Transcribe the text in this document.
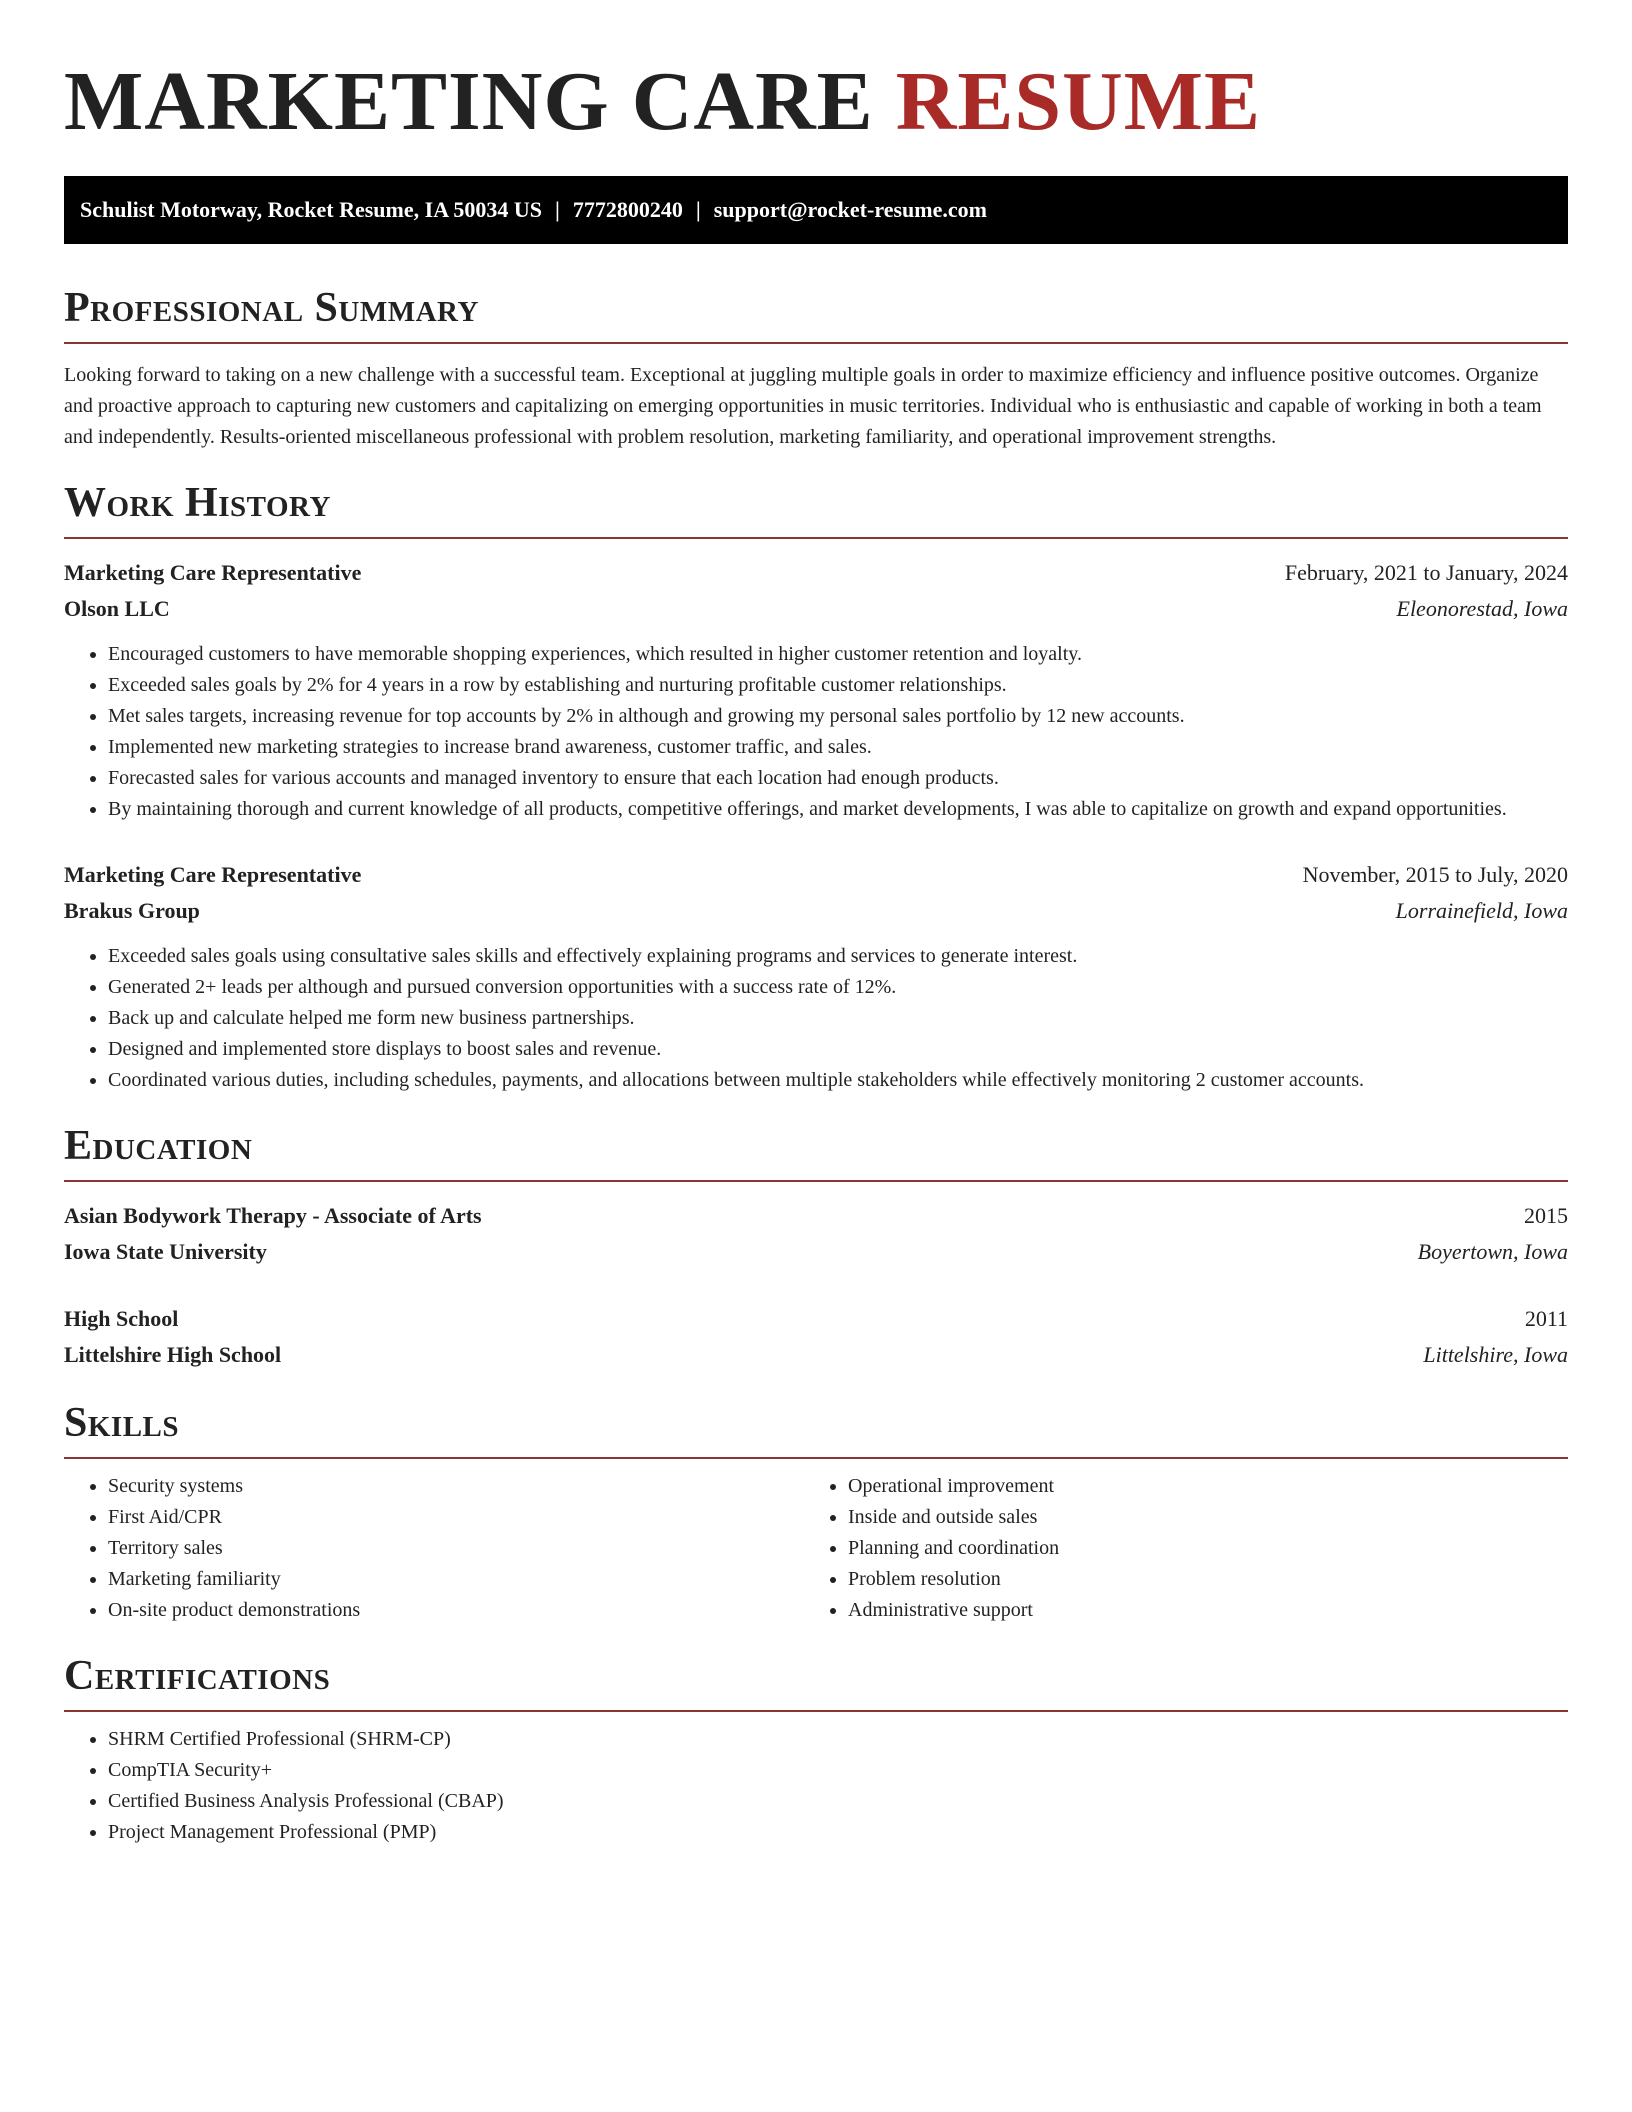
MARKETING CARE RESUME
Schulist Motorway, Rocket Resume, IA 50034 US | 7772800240 | support@rocket-resume.com
Professional Summary

Looking forward to taking on a new challenge with a successful team. Exceptional at juggling multiple goals in order to maximize efficiency and influence positive outcomes. Organize and proactive approach to capturing new customers and capitalizing on emerging opportunities in music territories. Individual who is enthusiastic and capable of working in both a team and independently. Results-oriented miscellaneous professional with problem resolution, marketing familiarity, and operational improvement strengths.

Work History
Marketing Care Representative	February, 2021 to January, 2024
Olson LLC	Eleonorestad, Iowa
• Encouraged customers to have memorable shopping experiences, which resulted in higher customer retention and loyalty.
• Exceeded sales goals by 2% for 4 years in a row by establishing and nurturing profitable customer relationships.
• Met sales targets, increasing revenue for top accounts by 2% in although and growing my personal sales portfolio by 12 new accounts.
• Implemented new marketing strategies to increase brand awareness, customer traffic, and sales.
• Forecasted sales for various accounts and managed inventory to ensure that each location had enough products.
• By maintaining thorough and current knowledge of all products, competitive offerings, and market developments, I was able to capitalize on growth and expand opportunities.
Marketing Care Representative	November, 2015 to July, 2020
Brakus Group	Lorrainefield, Iowa
• Exceeded sales goals using consultative sales skills and effectively explaining programs and services to generate interest.
• Generated 2+ leads per although and pursued conversion opportunities with a success rate of 12%.
• Back up and calculate helped me form new business partnerships.
• Designed and implemented store displays to boost sales and revenue.
• Coordinated various duties, including schedules, payments, and allocations between multiple stakeholders while effectively monitoring 2 customer accounts.
Education
Asian Bodywork Therapy - Associate of Arts	2015
Iowa State University	Boyertown, Iowa
High School	2011
Littelshire High School	Littelshire, Iowa
Skills
• Security systems
• First Aid/CPR
• Territory sales
• Marketing familiarity
• On-site product demonstrations
• Operational improvement
• Inside and outside sales
• Planning and coordination
• Problem resolution
• Administrative support
Certifications
• SHRM Certified Professional (SHRM-CP)
• CompTIA Security+
• Certified Business Analysis Professional (CBAP)
• Project Management Professional (PMP)
